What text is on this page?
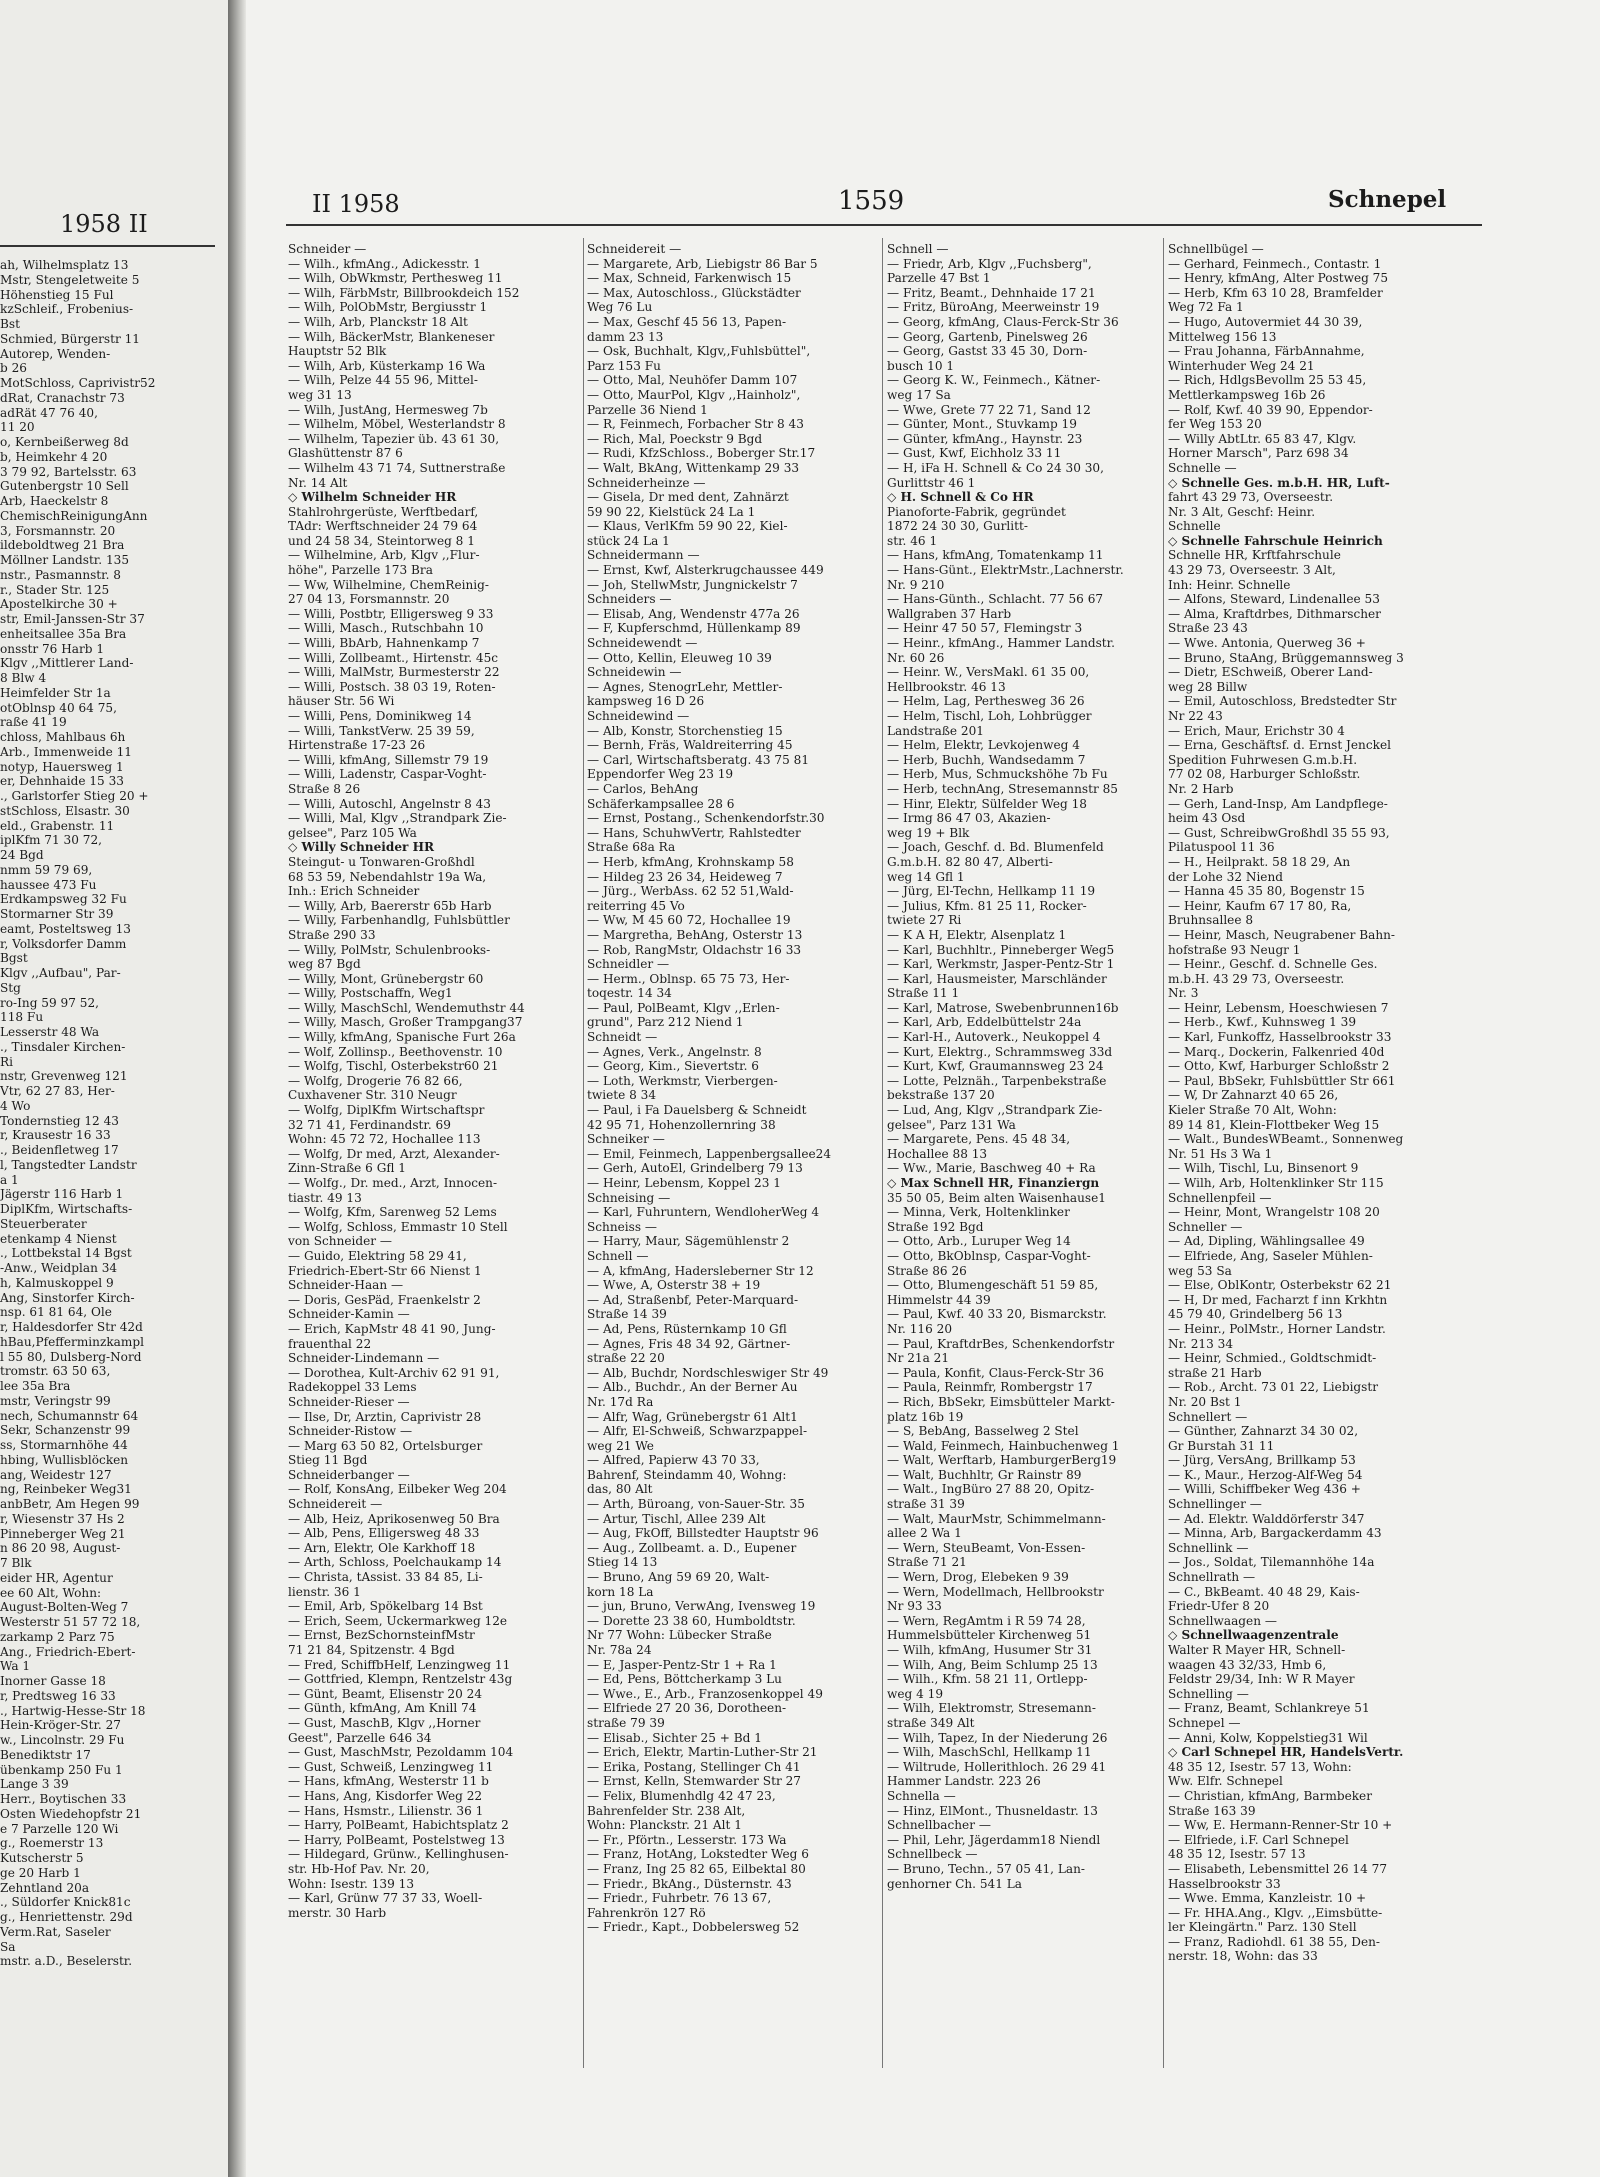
1958 II
ah, Wilhelmsplatz 13
Mstr, Stengeletweite 5
Höhenstieg 15 Ful
kzSchleif., Frobenius-
Bst
Schmied, Bürgerstr 11
Autorep, Wenden-
b 26
MotSchloss, Caprivistr52
dRat, Cranachstr 73
adRät 47 76 40,
11 20
o, Kernbeißerweg 8d
b, Heimkehr 4 20
3 79 92, Bartelsstr. 63
Gutenbergstr 10 Sell
Arb, Haeckelstr 8
ChemischReinigungAnn
3, Forsmannstr. 20
ildeboldtweg 21 Bra
Möllner Landstr. 135
nstr., Pasmannstr. 8
r., Stader Str. 125
Apostelkirche 30 +
str, Emil-Janssen-Str 37
enheitsallee 35a Bra
onsstr 76 Harb 1
Klgv ,,Mittlerer Land-
8 Blw 4
Heimfelder Str 1a
otOblnsp 40 64 75,
raße 41 19
chloss, Mahlbaus 6h
Arb., Immenweide 11
notyp, Hauersweg 1
er, Dehnhaide 15 33
., Garlstorfer Stieg 20 +
stSchloss, Elsastr. 30
eld., Grabenstr. 11
iplKfm 71 30 72,
24 Bgd
nmm 59 79 69,
haussee 473 Fu
Erdkampsweg 32 Fu
Stormarner Str 39
eamt, Posteltsweg 13
r, Volksdorfer Damm
Bgst
Klgv ,,Aufbau", Par-
Stg
ro-Ing 59 97 52,
118 Fu
Lesserstr 48 Wa
., Tinsdaler Kirchen-
Ri
nstr, Grevenweg 121
Vtr, 62 27 83, Her-
4 Wo
Tondernstieg 12 43
r, Krausestr 16 33
., Beidenfletweg 17
l, Tangstedter Landstr
a 1
Jägerstr 116 Harb 1
DiplKfm, Wirtschafts-
Steuerberater
etenkamp 4 Nienst
., Lottbekstal 14 Bgst
-Anw., Weidplan 34
h, Kalmuskoppel 9
Ang, Sinstorfer Kirch-
nsp. 61 81 64, Ole
r, Haldesdorfer Str 42d
hBau,Pfefferminzkampl
l 55 80, Dulsberg-Nord
tromstr. 63 50 63,
lee 35a Bra
mstr, Veringstr 99
nech, Schumannstr 64
Sekr, Schanzenstr 99
ss, Stormarnhöhe 44
hbing, Wullisblöcken
ang, Weidestr 127
ng, Reinbeker Weg31
anbBetr, Am Hegen 99
r, Wiesenstr 37 Hs 2
Pinneberger Weg 21
n 86 20 98, August-
7 Blk
eider HR, Agentur
ee 60 Alt, Wohn:
August-Bolten-Weg 7
Westerstr 51 57 72 18,
zarkamp 2 Parz 75
Ang., Friedrich-Ebert-
Wa 1
Inorner Gasse 18
r, Predtsweg 16 33
., Hartwig-Hesse-Str 18
Hein-Kröger-Str. 27
w., Lincolnstr. 29 Fu
Benediktstr 17
übenkamp 250 Fu 1
Lange 3 39
Herr., Boytischen 33
Osten Wiedehopfstr 21
e 7 Parzelle 120 Wi
g., Roemerstr 13
Kutscherstr 5
ge 20 Harb 1
Zehntland 20a
., Süldorfer Knick81c
g., Henriettenstr. 29d
Verm.Rat, Saseler
Sa
mstr. a.D., Beselerstr.
II 1958	1559	Schnepel
Schneider —
— Wilh., kfmAng., Adickesstr. 1
— Wilh, ObWkmstr, Perthesweg 11
— Wilh, FärbMstr, Billbrookdeich 152
— Wilh, PolObMstr, Bergiusstr 1
— Wilh, Arb, Planckstr 18 Alt
— Wilh, BäckerMstr, Blankeneser
Hauptstr 52 Blk
— Wilh, Arb, Küsterkamp 16 Wa
— Wilh, Pelze 44 55 96, Mittel-
weg 31 13
— Wilh, JustAng, Hermesweg 7b
— Wilhelm, Möbel, Westerlandstr 8
— Wilhelm, Tapezier üb. 43 61 30,
Glashüttenstr 87 6
— Wilhelm 43 71 74, Suttnerstraße
Nr. 14 Alt
◇ Wilhelm Schneider HR
Stahlrohrgerüste, Werftbedarf,
TAdr: Werftschneider 24 79 64
und 24 58 34, Steintorweg 8 1
— Wilhelmine, Arb, Klgv ,,Flur-
höhe", Parzelle 173 Bra
— Ww, Wilhelmine, ChemReinig-
27 04 13, Forsmannstr. 20
— Willi, Postbtr, Elligersweg 9 33
— Willi, Masch., Rutschbahn 10
— Willi, BbArb, Hahnenkamp 7
— Willi, Zollbeamt., Hirtenstr. 45c
— Willi, MalMstr, Burmesterstr 22
— Willi, Postsch. 38 03 19, Roten-
häuser Str. 56 Wi
— Willi, Pens, Dominikweg 14
— Willi, TankstVerw. 25 39 59,
Hirtenstraße 17-23 26
— Willi, kfmAng, Sillemstr 79 19
— Willi, Ladenstr, Caspar-Voght-
Straße 8 26
— Willi, Autoschl, Angelnstr 8 43
— Willi, Mal, Klgv ,,Strandpark Zie-
gelsee", Parz 105 Wa
◇ Willy Schneider HR
Steingut- u Tonwaren-Großhdl
68 53 59, Nebendahlstr 19a Wa,
Inh.: Erich Schneider
— Willy, Arb, Baererstr 65b Harb
— Willy, Farbenhandlg, Fuhlsbüttler
Straße 290 33
— Willy, PolMstr, Schulenbrooks-
weg 87 Bgd
— Willy, Mont, Grünebergstr 60
— Willy, Postschaffn, Weg1
— Willy, MaschSchl, Wendemuthstr 44
— Willy, Masch, Großer Trampgang37
— Willy, kfmAng, Spanische Furt 26a
— Wolf, Zollinsp., Beethovenstr. 10
— Wolfg, Tischl, Osterbekstr60 21
— Wolfg, Drogerie 76 82 66,
Cuxhavener Str. 310 Neugr
— Wolfg, DiplKfm Wirtschaftspr
32 71 41, Ferdinandstr. 69
Wohn: 45 72 72, Hochallee 113
— Wolfg, Dr med, Arzt, Alexander-
Zinn-Straße 6 Gfl 1
— Wolfg., Dr. med., Arzt, Innocen-
tiastr. 49 13
— Wolfg, Kfm, Sarenweg 52 Lems
— Wolfg, Schloss, Emmastr 10 Stell
von Schneider —
— Guido, Elektring 58 29 41,
Friedrich-Ebert-Str 66 Nienst 1
Schneider-Haan —
— Doris, GesPäd, Fraenkelstr 2
Schneider-Kamin —
— Erich, KapMstr 48 41 90, Jung-
frauenthal 22
Schneider-Lindemann —
— Dorothea, Kult-Archiv 62 91 91,
Radekoppel 33 Lems
Schneider-Rieser —
— Ilse, Dr, Arztin, Caprivistr 28
Schneider-Ristow —
— Marg 63 50 82, Ortelsburger
Stieg 11 Bgd
Schneiderbanger —
— Rolf, KonsAng, Eilbeker Weg 204
Schneidereit —
— Alb, Heiz, Aprikosenweg 50 Bra
— Alb, Pens, Elligersweg 48 33
— Arn, Elektr, Ole Karkhoff 18
— Arth, Schloss, Poelchaukamp 14
— Christa, tAssist. 33 84 85, Li-
lienstr. 36 1
— Emil, Arb, Spökelbarg 14 Bst
— Erich, Seem, Uckermarkweg 12e
— Ernst, BezSchornsteinfMstr
71 21 84, Spitzenstr. 4 Bgd
— Fred, SchiffbHelf, Lenzingweg 11
— Gottfried, Klempn, Rentzelstr 43g
— Günt, Beamt, Elisenstr 20 24
— Günth, kfmAng, Am Knill 74
— Gust, MaschB, Klgv ,,Horner
Geest", Parzelle 646 34
— Gust, MaschMstr, Pezoldamm 104
— Gust, Schweiß, Lenzingweg 11
— Hans, kfmAng, Westerstr 11 b
— Hans, Ang, Kisdorfer Weg 22
— Hans, Hsmstr., Lilienstr. 36 1
— Harry, PolBeamt, Habichtsplatz 2
— Harry, PolBeamt, Postelstweg 13
— Hildegard, Grünw., Kellinghusen-
str. Hb-Hof Pav. Nr. 20,
Wohn: Isestr. 139 13
— Karl, Grünw 77 37 33, Woell-
merstr. 30 Harb
Schneidereit —
— Margarete, Arb, Liebigstr 86 Bar 5
— Max, Schneid, Farkenwisch 15
— Max, Autoschloss., Glückstädter
Weg 76 Lu
— Max, Geschf 45 56 13, Papen-
damm 23 13
— Osk, Buchhalt, Klgv,,Fuhlsbüttel",
Parz 153 Fu
— Otto, Mal, Neuhöfer Damm 107
— Otto, MaurPol, Klgv ,,Hainholz",
Parzelle 36 Niend 1
— R, Feinmech, Forbacher Str 8 43
— Rich, Mal, Poeckstr 9 Bgd
— Rudi, KfzSchloss., Boberger Str.17
— Walt, BkAng, Wittenkamp 29 33
Schneiderheinze —
— Gisela, Dr med dent, Zahnärzt
59 90 22, Kielstück 24 La 1
— Klaus, VerlKfm 59 90 22, Kiel-
stück 24 La 1
Schneidermann —
— Ernst, Kwf, Alsterkrugchaussee 449
— Joh, StellwMstr, Jungnickelstr 7
Schneiders —
— Elisab, Ang, Wendenstr 477a 26
— F, Kupferschmd, Hüllenkamp 89
Schneidewendt —
— Otto, Kellin, Eleuweg 10 39
Schneidewin —
— Agnes, StenogrLehr, Mettler-
kampsweg 16 D 26
Schneidewind —
— Alb, Konstr, Storchenstieg 15
— Bernh, Fräs, Waldreiterring 45
— Carl, Wirtschaftsberatg. 43 75 81
Eppendorfer Weg 23 19
— Carlos, BehAng
Schäferkampsallee 28 6
— Ernst, Postang., Schenkendorfstr.30
— Hans, SchuhwVertr, Rahlstedter
Straße 68a Ra
— Herb, kfmAng, Krohnskamp 58
— Hildeg 23 26 34, Heideweg 7
— Jürg., WerbAss. 62 52 51,Wald-
reiterring 45 Vo
— Ww, M 45 60 72, Hochallee 19
— Margretha, BehAng, Osterstr 13
— Rob, RangMstr, Oldachstr 16 33
Schneidler —
— Herm., Oblnsp. 65 75 73, Her-
toqestr. 14 34
— Paul, PolBeamt, Klgv ,,Erlen-
grund", Parz 212 Niend 1
Schneidt —
— Agnes, Verk., Angelnstr. 8
— Georg, Kim., Sievertstr. 6
— Loth, Werkmstr, Vierbergen-
twiete 8 34
— Paul, i Fa Dauelsberg & Schneidt
42 95 71, Hohenzollernring 38
Schneiker —
— Emil, Feinmech, Lappenbergsallee24
— Gerh, AutoEl, Grindelberg 79 13
— Heinr, Lebensm, Koppel 23 1
Schneising —
— Karl, Fuhruntern, WendloherWeg 4
Schneiss —
— Harry, Maur, Sägemühlenstr 2
Schnell —
— A, kfmAng, Hadersleberner Str 12
— Wwe, A, Osterstr 38 + 19
— Ad, Straßenbf, Peter-Marquard-
Straße 14 39
— Ad, Pens, Rüsternkamp 10 Gfl
— Agnes, Fris 48 34 92, Gärtner-
straße 22 20
— Alb, Buchdr, Nordschleswiger Str 49
— Alb., Buchdr., An der Berner Au
Nr. 17d Ra
— Alfr, Wag, Grünebergstr 61 Alt1
— Alfr, El-Schweiß, Schwarzpappel-
weg 21 We
— Alfred, Papierw 43 70 33,
Bahrenf, Steindamm 40, Wohng:
das, 80 Alt
— Arth, Büroang, von-Sauer-Str. 35
— Artur, Tischl, Allee 239 Alt
— Aug, FkOff, Billstedter Hauptstr 96
— Aug., Zollbeamt. a. D., Eupener
Stieg 14 13
— Bruno, Ang 59 69 20, Walt-
korn 18 La
— jun, Bruno, VerwAng, Ivensweg 19
— Dorette 23 38 60, Humboldtstr.
Nr 77 Wohn: Lübecker Straße
Nr. 78a 24
— E, Jasper-Pentz-Str 1 + Ra 1
— Ed, Pens, Böttcherkamp 3 Lu
— Wwe., E., Arb., Franzosenkoppel 49
— Elfriede 27 20 36, Dorotheen-
straße 79 39
— Elisab., Sichter 25 + Bd 1
— Erich, Elektr, Martin-Luther-Str 21
— Erika, Postang, Stellinger Ch 41
— Ernst, Kelln, Stemwarder Str 27
— Felix, Blumenhdlg 42 47 23,
Bahrenfelder Str. 238 Alt,
Wohn: Planckstr. 21 Alt 1
— Fr., Pförtn., Lesserstr. 173 Wa
— Franz, HotAng, Lokstedter Weg 6
— Franz, Ing 25 82 65, Eilbektal 80
— Friedr., BkAng., Düsternstr. 43
— Friedr., Fuhrbetr. 76 13 67,
Fahrenkrön 127 Rö
— Friedr., Kapt., Dobbelersweg 52
Schnell —
— Friedr, Arb, Klgv ,,Fuchsberg",
Parzelle 47 Bst 1
— Fritz, Beamt., Dehnhaide 17 21
— Fritz, BüroAng, Meerweinstr 19
— Georg, kfmAng, Claus-Ferck-Str 36
— Georg, Gartenb, Pinelsweg 26
— Georg, Gastst 33 45 30, Dorn-
busch 10 1
— Georg K. W., Feinmech., Kätner-
weg 17 Sa
— Wwe, Grete 77 22 71, Sand 12
— Günter, Mont., Stuvkamp 19
— Günter, kfmAng., Haynstr. 23
— Gust, Kwf, Eichholz 33 11
— H, iFa H. Schnell & Co 24 30 30,
Gurlittstr 46 1
◇ H. Schnell & Co HR
Pianoforte-Fabrik, gegründet
1872 24 30 30, Gurlitt-
str. 46 1
— Hans, kfmAng, Tomatenkamp 11
— Hans-Günt., ElektrMstr.,Lachnerstr.
Nr. 9 210
— Hans-Günth., Schlacht. 77 56 67
Wallgraben 37 Harb
— Heinr 47 50 57, Flemingstr 3
— Heinr., kfmAng., Hammer Landstr.
Nr. 60 26
— Heinr. W., VersMakl. 61 35 00,
Hellbrookstr. 46 13
— Helm, Lag, Perthesweg 36 26
— Helm, Tischl, Loh, Lohbrügger
Landstraße 201
— Helm, Elektr, Levkojenweg 4
— Herb, Buchh, Wandsedamm 7
— Herb, Mus, Schmuckshöhe 7b Fu
— Herb, technAng, Stresemannstr 85
— Hinr, Elektr, Sülfelder Weg 18
— Irmg 86 47 03, Akazien-
weg 19 + Blk
— Joach, Geschf. d. Bd. Blumenfeld
G.m.b.H. 82 80 47, Alberti-
weg 14 Gfl 1
— Jürg, El-Techn, Hellkamp 11 19
— Julius, Kfm. 81 25 11, Rocker-
twiete 27 Ri
— K A H, Elektr, Alsenplatz 1
— Karl, Buchhltr., Pinneberger Weg5
— Karl, Werkmstr, Jasper-Pentz-Str 1
— Karl, Hausmeister, Marschländer
Straße 11 1
— Karl, Matrose, Swebenbrunnen16b
— Karl, Arb, Eddelbüttelstr 24a
— Karl-H., Autoverk., Neukoppel 4
— Kurt, Elektrg., Schrammsweg 33d
— Kurt, Kwf, Graumannsweg 23 24
— Lotte, Pelznäh., Tarpenbekstraße
bekstraße 137 20
— Lud, Ang, Klgv ,,Strandpark Zie-
gelsee", Parz 131 Wa
— Margarete, Pens. 45 48 34,
Hochallee 88 13
— Ww., Marie, Baschweg 40 + Ra
◇ Max Schnell HR, Finanziergn
35 50 05, Beim alten Waisenhause1
— Minna, Verk, Holtenklinker
Straße 192 Bgd
— Otto, Arb., Luruper Weg 14
— Otto, BkOblnsp, Caspar-Voght-
Straße 86 26
— Otto, Blumengeschäft 51 59 85,
Himmelstr 44 39
— Paul, Kwf. 40 33 20, Bismarckstr.
Nr. 116 20
— Paul, KraftdrBes, Schenkendorfstr
Nr 21a 21
— Paula, Konfit, Claus-Ferck-Str 36
— Paula, Reinmfr, Rombergstr 17
— Rich, BbSekr, Eimsbütteler Markt-
platz 16b 19
— S, BebAng, Basselweg 2 Stel
— Wald, Feinmech, Hainbuchenweg 1
— Walt, Werftarb, HamburgerBerg19
— Walt, Buchhltr, Gr Rainstr 89
— Walt., IngBüro 27 88 20, Opitz-
straße 31 39
— Walt, MaurMstr, Schimmelmann-
allee 2 Wa 1
— Wern, SteuBeamt, Von-Essen-
Straße 71 21
— Wern, Drog, Elebeken 9 39
— Wern, Modellmach, Hellbrookstr
Nr 93 33
— Wern, RegAmtm i R 59 74 28,
Hummelsbütteler Kirchenweg 51
— Wilh, kfmAng, Husumer Str 31
— Wilh, Ang, Beim Schlump 25 13
— Wilh., Kfm. 58 21 11, Ortlepp-
weg 4 19
— Wilh, Elektromstr, Stresemann-
straße 349 Alt
— Wilh, Tapez, In der Niederung 26
— Wilh, MaschSchl, Hellkamp 11
— Wiltrude, Hollerithloch. 26 29 41
Hammer Landstr. 223 26
Schnella —
— Hinz, ElMont., Thusneldastr. 13
Schnellbacher —
— Phil, Lehr, Jägerdamm18 Niendl
Schnellbeck —
— Bruno, Techn., 57 05 41, Lan-
genhorner Ch. 541 La
Schnellbügel —
— Gerhard, Feinmech., Contastr. 1
— Henry, kfmAng, Alter Postweg 75
— Herb, Kfm 63 10 28, Bramfelder
Weg 72 Fa 1
— Hugo, Autovermiet 44 30 39,
Mittelweg 156 13
— Frau Johanna, FärbAnnahme,
Winterhuder Weg 24 21
— Rich, HdlgsBevollm 25 53 45,
Mettlerkampsweg 16b 26
— Rolf, Kwf. 40 39 90, Eppendor-
fer Weg 153 20
— Willy AbtLtr. 65 83 47, Klgv.
Horner Marsch", Parz 698 34
Schnelle —
◇ Schnelle Ges. m.b.H. HR, Luft-
fahrt 43 29 73, Overseestr.
Nr. 3 Alt, Geschf: Heinr.
Schnelle
◇ Schnelle Fahrschule Heinrich
Schnelle HR, Krftfahrschule
43 29 73, Overseestr. 3 Alt,
Inh: Heinr. Schnelle
— Alfons, Steward, Lindenallee 53
— Alma, Kraftdrbes, Dithmarscher
Straße 23 43
— Wwe. Antonia, Querweg 36 +
— Bruno, StaAng, Brüggemannsweg 3
— Dietr, ESchweiß, Oberer Land-
weg 28 Billw
— Emil, Autoschloss, Bredstedter Str
Nr 22 43
— Erich, Maur, Erichstr 30 4
— Erna, Geschäftsf. d. Ernst Jenckel
Spedition Fuhrwesen G.m.b.H.
77 02 08, Harburger Schloßstr.
Nr. 2 Harb
— Gerh, Land-Insp, Am Landpflege-
heim 43 Osd
— Gust, SchreibwGroßhdl 35 55 93,
Pilatuspool 11 36
— H., Heilprakt. 58 18 29, An
der Lohe 32 Niend
— Hanna 45 35 80, Bogenstr 15
— Heinr, Kaufm 67 17 80, Ra,
Bruhnsallee 8
— Heinr, Masch, Neugrabener Bahn-
hofstraße 93 Neugr 1
— Heinr., Geschf. d. Schnelle Ges.
m.b.H. 43 29 73, Overseestr.
Nr. 3
— Heinr, Lebensm, Hoeschwiesen 7
— Herb., Kwf., Kuhnsweg 1 39
— Karl, Funkoffz, Hasselbrookstr 33
— Marq., Dockerin, Falkenried 40d
— Otto, Kwf, Harburger Schloßstr 2
— Paul, BbSekr, Fuhlsbüttler Str 661
— W, Dr Zahnarzt 40 65 26,
Kieler Straße 70 Alt, Wohn:
89 14 81, Klein-Flottbeker Weg 15
— Walt., BundesWBeamt., Sonnenweg
Nr. 51 Hs 3 Wa 1
— Wilh, Tischl, Lu, Binsenort 9
— Wilh, Arb, Holtenklinker Str 115
Schnellenpfeil —
— Heinr, Mont, Wrangelstr 108 20
Schneller —
— Ad, Dipling, Wählingsallee 49
— Elfriede, Ang, Saseler Mühlen-
weg 53 Sa
— Else, OblKontr, Osterbekstr 62 21
— H, Dr med, Facharzt f inn Krkhtn
45 79 40, Grindelberg 56 13
— Heinr., PolMstr., Horner Landstr.
Nr. 213 34
— Heinr, Schmied., Goldtschmidt-
straße 21 Harb
— Rob., Archt. 73 01 22, Liebigstr
Nr. 20 Bst 1
Schnellert —
— Günther, Zahnarzt 34 30 02,
Gr Burstah 31 11
— Jürg, VersAng, Brillkamp 53
— K., Maur., Herzog-Alf-Weg 54
— Willi, Schiffbeker Weg 436 +
Schnellinger —
— Ad. Elektr. Walddörferstr 347
— Minna, Arb, Bargackerdamm 43
Schnellink —
— Jos., Soldat, Tilemannhöhe 14a
Schnellrath —
— C., BkBeamt. 40 48 29, Kais-
Friedr-Ufer 8 20
Schnellwaagen —
◇ Schnellwaagenzentrale
Walter R Mayer HR, Schnell-
waagen 43 32/33, Hmb 6,
Feldstr 29/34, Inh: W R Mayer
Schnelling —
— Franz, Beamt, Schlankreye 51
Schnepel —
— Anni, Kolw, Koppelstieg31 Wil
◇ Carl Schnepel HR, HandelsVertr.
48 35 12, Isestr. 57 13, Wohn:
Ww. Elfr. Schnepel
— Christian, kfmAng, Barmbeker
Straße 163 39
— Ww, E. Hermann-Renner-Str 10 +
— Elfriede, i.F. Carl Schnepel
48 35 12, Isestr. 57 13
— Elisabeth, Lebensmittel 26 14 77
Hasselbrookstr 33
— Wwe. Emma, Kanzleistr. 10 +
— Fr. HHA.Ang., Klgv. ,,Eimsbütte-
ler Kleingärtn." Parz. 130 Stell
— Franz, Radiohdl. 61 38 55, Den-
nerstr. 18, Wohn: das 33
